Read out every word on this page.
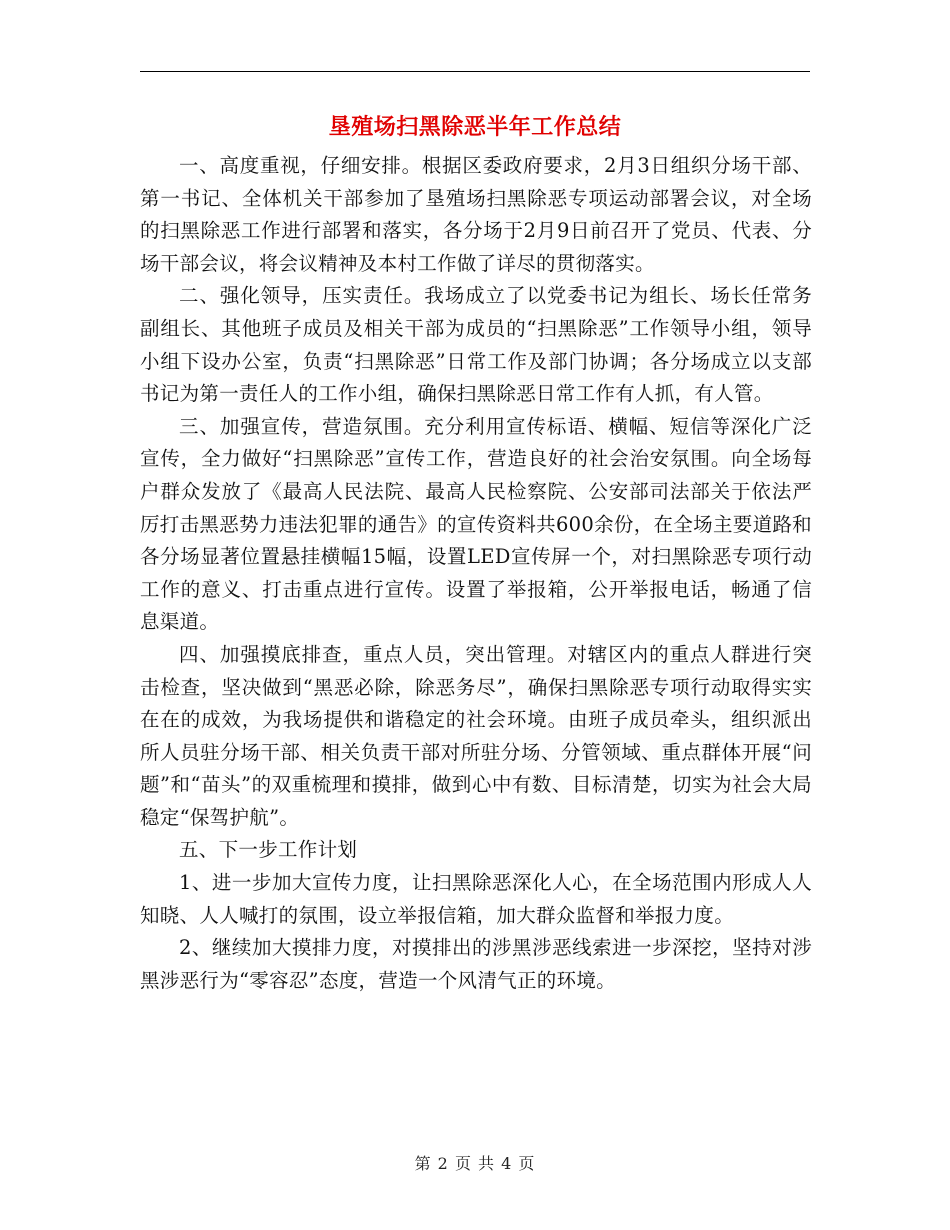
垦殖场扫黑除恶半年工作总结

一、高度重视，仔细安排。根据区委政府要求，2月3日组织分场干部、第一书记、全体机关干部参加了垦殖场扫黑除恶专项运动部署会议，对全场的扫黑除恶工作进行部署和落实，各分场于2月9日前召开了党员、代表、分场干部会议，将会议精神及本村工作做了详尽的贯彻落实。

二、强化领导，压实责任。我场成立了以党委书记为组长、场长任常务副组长、其他班子成员及相关干部为成员的“扫黑除恶”工作领导小组，领导小组下设办公室，负责“扫黑除恶”日常工作及部门协调；各分场成立以支部书记为第一责任人的工作小组，确保扫黑除恶日常工作有人抓，有人管。

三、加强宣传，营造氛围。充分利用宣传标语、横幅、短信等深化广泛宣传，全力做好“扫黑除恶”宣传工作，营造良好的社会治安氛围。向全场每户群众发放了《最高人民法院、最高人民检察院、公安部司法部关于依法严厉打击黑恶势力违法犯罪的通告》的宣传资料共600余份，在全场主要道路和各分场显著位置悬挂横幅15幅，设置LED宣传屏一个，对扫黑除恶专项行动工作的意义、打击重点进行宣传。设置了举报箱，公开举报电话，畅通了信息渠道。

四、加强摸底排查，重点人员，突出管理。对辖区内的重点人群进行突击检查，坚决做到“黑恶必除，除恶务尽”，确保扫黑除恶专项行动取得实实在在的成效，为我场提供和谐稳定的社会环境。由班子成员牵头，组织派出所人员驻分场干部、相关负责干部对所驻分场、分管领域、重点群体开展“问题”和“苗头”的双重梳理和摸排，做到心中有数、目标清楚，切实为社会大局稳定“保驾护航”。

五、下一步工作计划

1、进一步加大宣传力度，让扫黑除恶深化人心，在全场范围内形成人人知晓、人人喊打的氛围，设立举报信箱，加大群众监督和举报力度。

2、继续加大摸排力度，对摸排出的涉黑涉恶线索进一步深挖，坚持对涉黑涉恶行为“零容忍”态度，营造一个风清气正的环境。

第 2 页 共 4 页
